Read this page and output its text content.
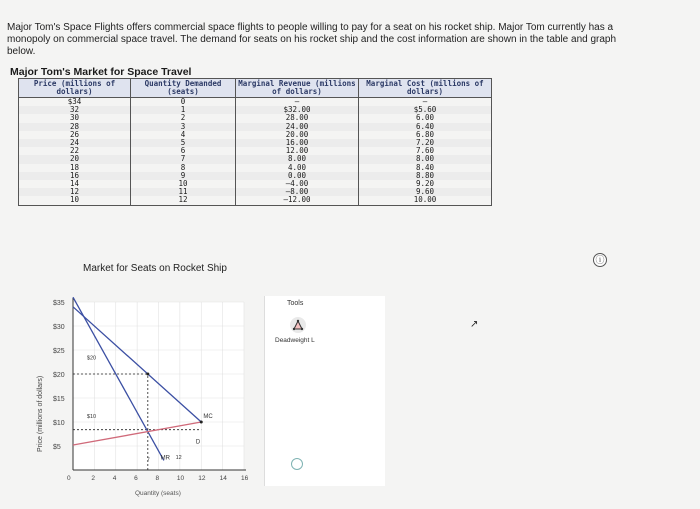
Major Tom's Space Flights offers commercial space flights to people willing to pay for a seat on his rocket ship. Major Tom currently has a monopoly on commercial space travel. The demand for seats on his rocket ship and the cost information are shown in the table and graph below.
Major Tom's Market for Space Travel
Price (millions of dollars)	Quantity Demanded (seats)	Marginal Revenue (millions of dollars)	Marginal Cost (millions of dollars)
$34	0	–	–
32	1	$32.00	$5.60
30	2	28.00	6.00
28	3	24.00	6.40
26	4	20.00	6.80
24	5	16.00	7.20
22	6	12.00	7.60
20	7	8.00	8.00
18	8	4.00	8.40
16	9	0.00	8.80
14	10	–4.00	9.20
12	11	–8.00	9.60
10	12	–12.00	10.00
ⓘ
Market for Seats on Rocket Ship
$5
$10
$15
$20
$25
$30
$35
0	2	4	6	8	10 12 14 16
Price (millions of dollars)
Quantity (seats)
D
MR
MC
$20
$10
7	12
Tools
Deadweight L
↗
